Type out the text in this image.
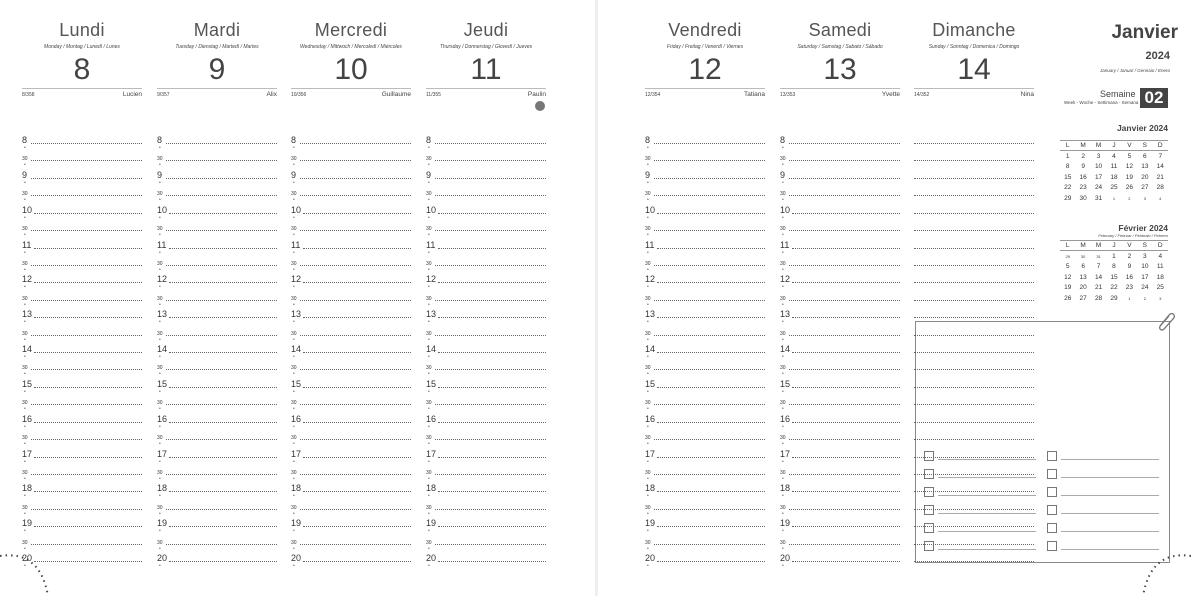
Janvier
2024
January / Januar / Gennaio / Enero
Semaine
Week - Woche - Settimana - Semana 02
Janvier 2024
L	M	M	J	V	S	D
1	2	3	4	5	6	7
8	9	10	11	12	13	14
15	16	17	18	19	20	21
22	23	24	25	26	27	28
29	30	31	1	2	3	4
Février 2024
February / Februar / Febbraio / Febrero
L	M	M	J	V	S	D
29	30	31	1	2	3	4
5	6	7	8	9	10	11
12	13	14	15	16	17	18
19	20	21	22	23	24	25
26	27	28	29	1	2	3
Lundi
Monday / Montag / Lunedì / Lunes
8
8/358	Lucien
8
•
30
•
9
•
30
•
10
•
30
•
11
•
30
•
12
•
30
•
13
•
30
•
14
•
30
•
15
•
30
•
16
•
30
•
17
•
30
•
18
•
30
•
19
•
30
•
20
•
Mardi
Tuesday / Dienstag / Martedì / Martes
9
9/357	Alix
8
•
30
•
9
•
30
•
10
•
30
•
11
•
30
•
12
•
30
•
13
•
30
•
14
•
30
•
15
•
30
•
16
•
30
•
17
•
30
•
18
•
30
•
19
•
30
•
20
•
Mercredi
Wednesday / Mittwoch / Mercoledì / Miércoles
10
10/356	Guillaume
8
•
30
•
9
•
30
•
10
•
30
•
11
•
30
•
12
•
30
•
13
•
30
•
14
•
30
•
15
•
30
•
16
•
30
•
17
•
30
•
18
•
30
•
19
•
30
•
20
•
Jeudi
Thursday / Donnerstag / Giovedì / Jueves
11
11/355	Paulin
8
•
30
•
9
•
30
•
10
•
30
•
11
•
30
•
12
•
30
•
13
•
30
•
14
•
30
•
15
•
30
•
16
•
30
•
17
•
30
•
18
•
30
•
19
•
30
•
20
•
Vendredi
Friday / Freitag / Venerdì / Viernes
12
12/354	Tatiana
8
•
30
•
9
•
30
•
10
•
30
•
11
•
30
•
12
•
30
•
13
•
30
•
14
•
30
•
15
•
30
•
16
•
30
•
17
•
30
•
18
•
30
•
19
•
30
•
20
•
Samedi
Saturday / Samstag / Sabato / Sábado
13
13/353	Yvette
8
•
30
•
9
•
30
•
10
•
30
•
11
•
30
•
12
•
30
•
13
•
30
•
14
•
30
•
15
•
30
•
16
•
30
•
17
•
30
•
18
•
30
•
19
•
30
•
20
•
Dimanche
Sunday / Sonntag / Domenica / Domingo
14
14/352	Nina
